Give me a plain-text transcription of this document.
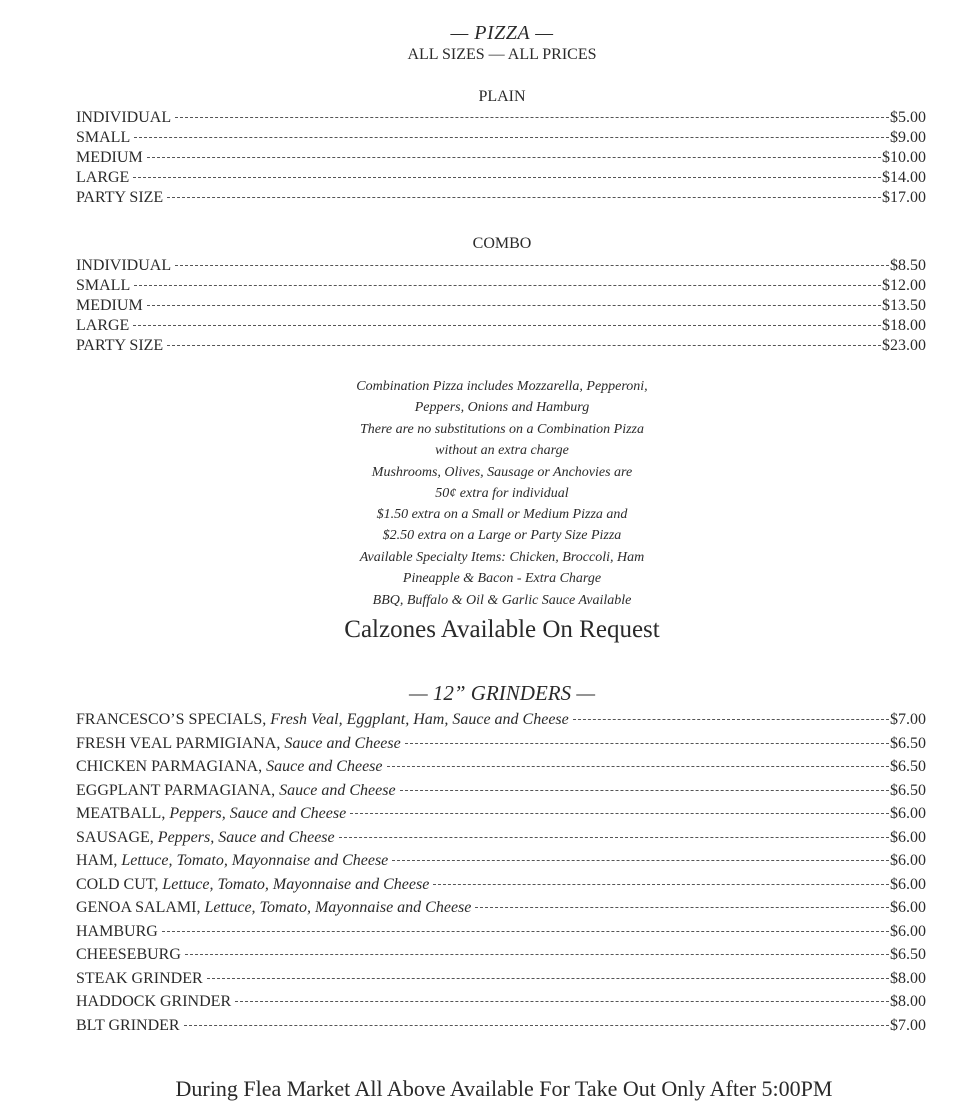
— PIZZA —
ALL SIZES — ALL PRICES
PLAIN
INDIVIDUAL	$5.00
SMALL	$9.00
MEDIUM	$10.00
LARGE	$14.00
PARTY SIZE	$17.00
COMBO
INDIVIDUAL	$8.50
SMALL	$12.00
MEDIUM	$13.50
LARGE	$18.00
PARTY SIZE	$23.00
Combination Pizza includes Mozzarella, Pepperoni,
Peppers, Onions and Hamburg
There are no substitutions on a Combination Pizza
without an extra charge
Mushrooms, Olives, Sausage or Anchovies are
50¢ extra for individual
$1.50 extra on a Small or Medium Pizza and
$2.50 extra on a Large or Party Size Pizza
Available Specialty Items: Chicken, Broccoli, Ham
Pineapple & Bacon - Extra Charge
BBQ, Buffalo & Oil & Garlic Sauce Available
Calzones Available On Request
— 12” GRINDERS —
FRANCESCO’S SPECIALS, Fresh Veal, Eggplant, Ham, Sauce and Cheese	$7.00
FRESH VEAL PARMIGIANA, Sauce and Cheese	$6.50
CHICKEN PARMAGIANA, Sauce and Cheese	$6.50
EGGPLANT PARMAGIANA, Sauce and Cheese	$6.50
MEATBALL, Peppers, Sauce and Cheese	$6.00
SAUSAGE, Peppers, Sauce and Cheese	$6.00
HAM, Lettuce, Tomato, Mayonnaise and Cheese	$6.00
COLD CUT, Lettuce, Tomato, Mayonnaise and Cheese	$6.00
GENOA SALAMI, Lettuce, Tomato, Mayonnaise and Cheese	$6.00
HAMBURG	$6.00
CHEESEBURG	$6.50
STEAK GRINDER	$8.00
HADDOCK GRINDER	$8.00
BLT GRINDER	$7.00
During Flea Market All Above Available For Take Out Only After 5:00PM
